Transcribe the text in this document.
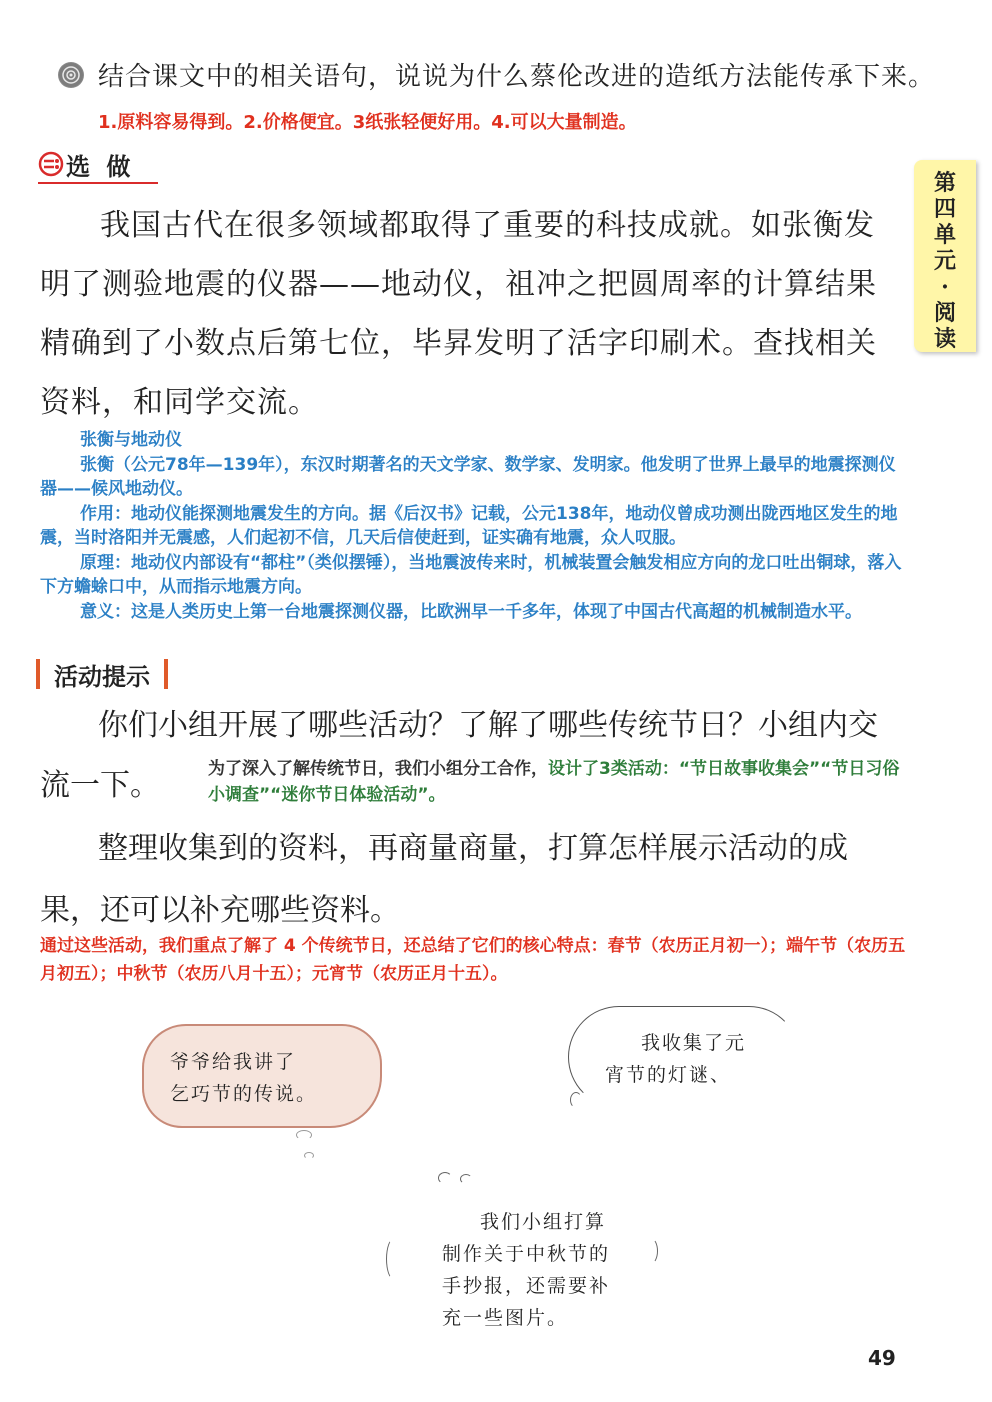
结合课文中的相关语句，说说为什么蔡伦改进的造纸方法能传承下来。
1.原料容易得到。2.价格便宜。3纸张轻便好用。4.可以大量制造。
选 做
我国古代在很多领域都取得了重要的科技成就。如张衡发明了测验地震的仪器——地动仪，祖冲之把圆周率的计算结果精确到了小数点后第七位，毕昇发明了活字印刷术。查找相关资料，和同学交流。
第四单元·阅读

张衡与地动仪

张衡（公元78年—139年），东汉时期著名的天文学家、数学家、发明家。他发明了世界上最早的地震探测仪器——候风地动仪。

作用：地动仪能探测地震发生的方向。据《后汉书》记载，公元138年，地动仪曾成功测出陇西地区发生的地震，当时洛阳并无震感，人们起初不信，几天后信使赶到，证实确有地震，众人叹服。

原理：地动仪内部设有“都柱”（类似摆锤），当地震波传来时，机械装置会触发相应方向的龙口吐出铜球，落入下方蟾蜍口中，从而指示地震方向。

意义：这是人类历史上第一台地震探测仪器，比欧洲早一千多年，体现了中国古代高超的机械制造水平。

活动提示
你们小组开展了哪些活动？了解了哪些传统节日？小组内交流一下。	为了深入了解传统节日，我们小组分工合作，设计了3类活动：“节日故事收集会”“节日习俗小调查”“迷你节日体验活动”。
整理收集到的资料，再商量商量，打算怎样展示活动的成果，还可以补充哪些资料。
通过这些活动，我们重点了解了 4 个传统节日，还总结了它们的核心特点：春节（农历正月初一）；端午节（农历五月初五）；中秋节（农历八月十五）；元宵节（农历正月十五）。
爷爷给我讲了
乞巧节的传说。
我收集了元
宵节的灯谜、
我们小组打算
制作关于中秋节的
手抄报，还需要补
充一些图片。
49
